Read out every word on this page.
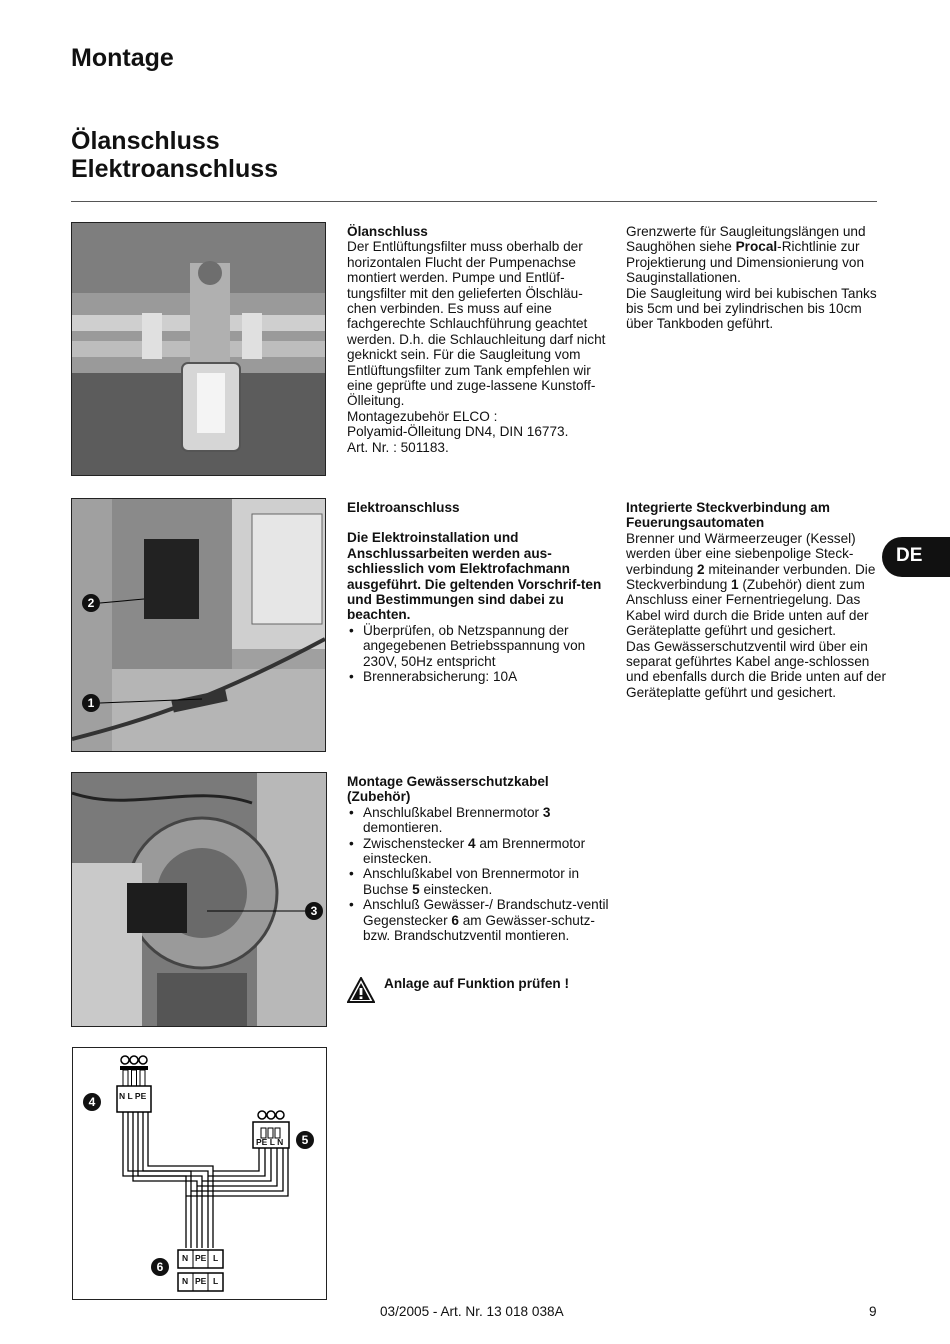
Montage
Ölanschluss
Elektroanschluss

Ölanschluss

Der Entlüftungsfilter muss oberhalb der horizontalen Flucht der Pumpenachse montiert werden. Pumpe und Entlüf-tungsfilter mit den gelieferten Ölschläu-chen verbinden. Es muss auf eine fachgerechte Schlauchführung geachtet werden. D.h. die Schlauchleitung darf nicht geknickt sein. Für die Saugleitung vom Entlüftungsfilter zum Tank empfehlen wir eine geprüfte und zuge-lassene Kunstoff-Ölleitung.

Montagezubehör ELCO :

Polyamid-Ölleitung DN4, DIN 16773.

Art. Nr. : 501183.

Grenzwerte für Saugleitungslängen und Saughöhen siehe Procal-Richtlinie zur Projektierung und Dimensionierung von Sauginstallationen.

Die Saugleitung wird bei kubischen Tanks bis 5cm und bei zylindrischen bis 10cm über Tankboden geführt.

2
1

Elektroanschluss

Die Elektroinstallation und Anschlussarbeiten werden aus-schliesslich vom Elektrofachmann ausgeführt. Die geltenden Vorschrif-ten und Bestimmungen sind dabei zu beachten.

• Überprüfen, ob Netzspannung der angegebenen Betriebsspannung von 230V, 50Hz entspricht
• Brennerabsicherung: 10A

Integrierte Steckverbindung am Feuerungsautomaten

Brenner und Wärmeerzeuger (Kessel) werden über eine siebenpolige Steck-verbindung 2 miteinander verbunden. Die Steckverbindung 1 (Zubehör) dient zum Anschluss einer Fernentriegelung. Das Kabel wird durch die Bride unten auf der Geräteplatte geführt und gesichert.

Das Gewässerschutzventil wird über ein separat geführtes Kabel ange-schlossen und ebenfalls durch die Bride unten auf der Geräteplatte geführt und gesichert.

DE
3

Montage Gewässerschutzkabel (Zubehör)

• Anschlußkabel Brennermotor 3 demontieren.
• Zwischenstecker 4 am Brennermotor einstecken.
• Anschlußkabel von Brennermotor in Buchse 5 einstecken.
• Anschluß Gewässer-/ Brandschutz-ventil Gegenstecker 6 am Gewässer-schutz- bzw. Brandschutzventil montieren.
Anlage auf Funktion prüfen !
N L PE
PE L N
N PE L
N PE L
4
5
6
03/2005 - Art. Nr. 13 018 038A	9
